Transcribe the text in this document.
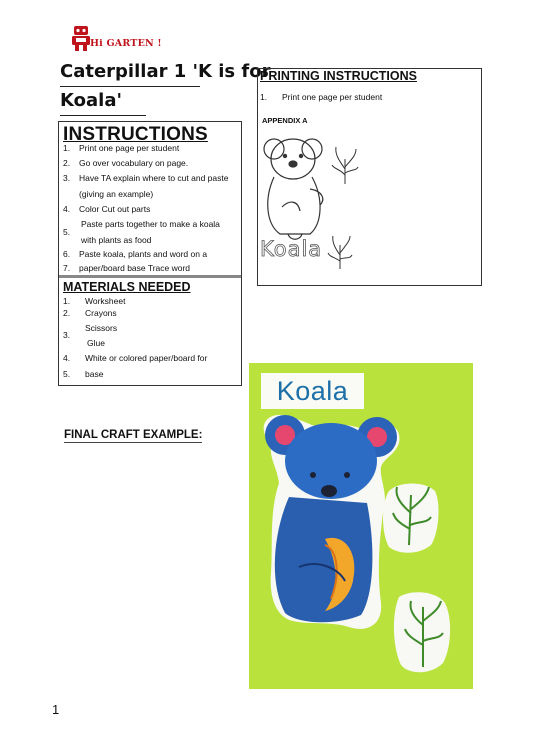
Hi GARTEN !
Caterpillar 1 'K is for
Koala'
INSTRUCTIONS
1. Print one page per student
2. Go over vocabulary on page.
3. Have TA explain where to cut and paste (giving an example)
4. Color Cut out parts
5.
Paste parts together to make a koala with plants as food
6. Paste koala, plants and word on a
7. paper/board base Trace word
MATERIALS NEEDED
1. Worksheet
2. Crayons
3.
Scissors
Glue
4. White or colored paper/board for
5. base
PRINTING INSTRUCTIONS
1. Print one page per student
APPENDIX A
Koala
FINAL CRAFT EXAMPLE:
Koala
1
